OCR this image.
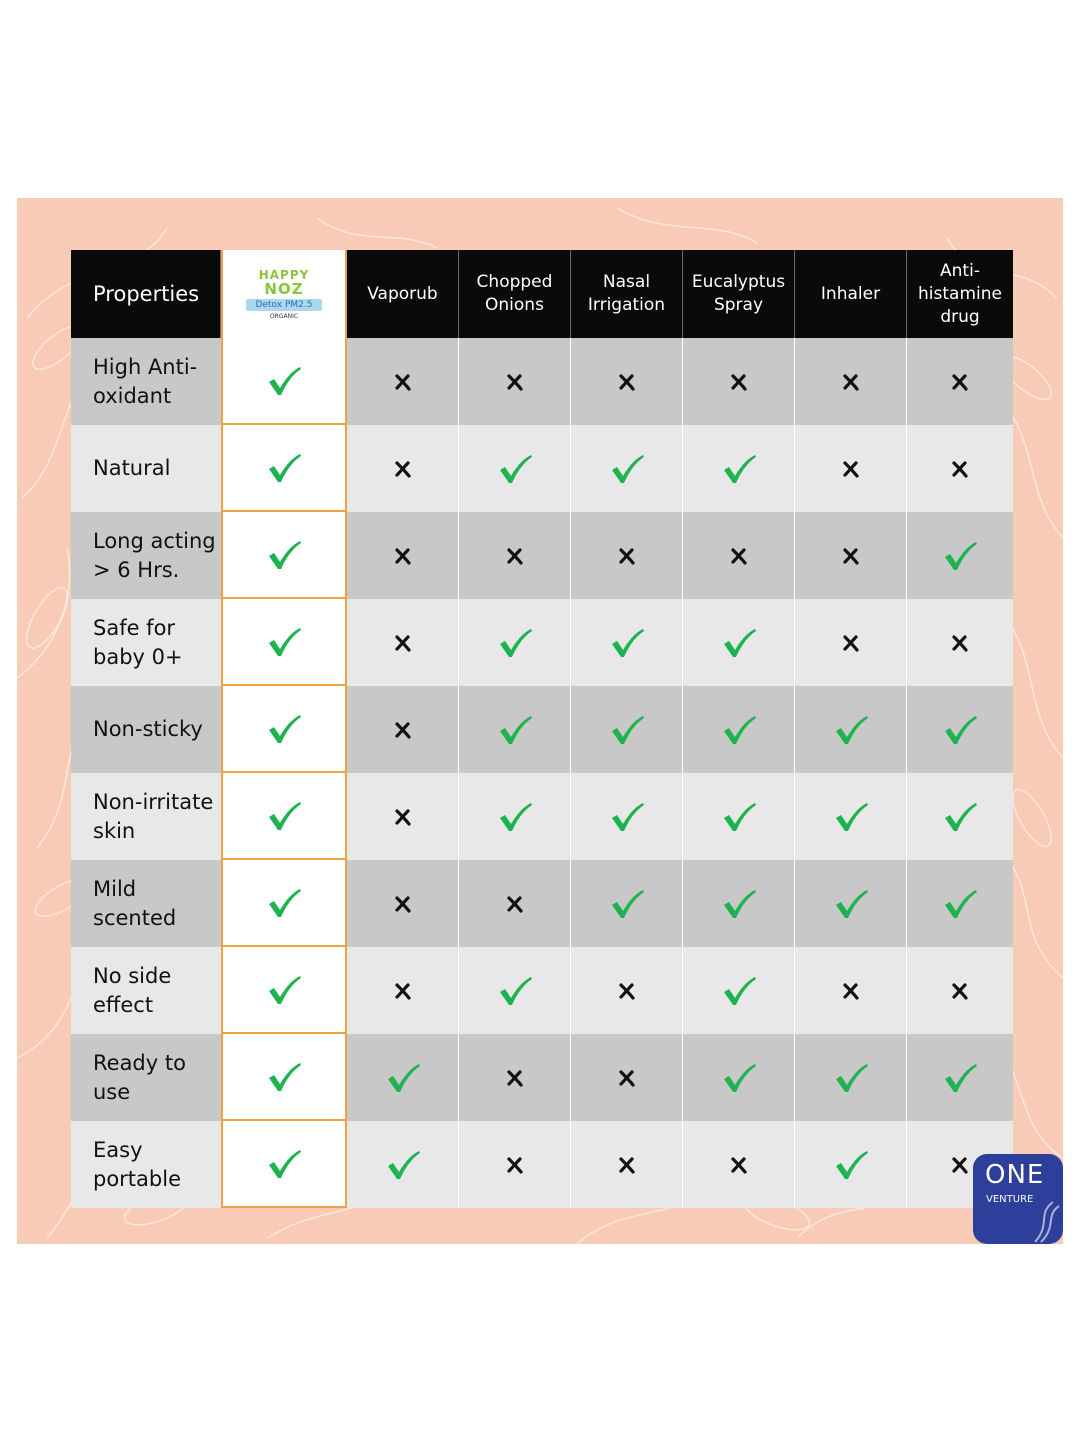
Properties
HAPPY
NOZ
Detox PM2.5
ORGANIC
Vaporub
Chopped
Onions
Nasal
Irrigation
Eucalyptus
Spray
Inhaler
Anti-
histamine
drug
High Anti-
oxidant
Natural
Long acting
> 6 Hrs.
Safe for
baby 0+
Non-sticky
Non-irritate
skin
Mild
scented
No side
effect
Ready to
use
Easy
portable	ONE
VENTURE
